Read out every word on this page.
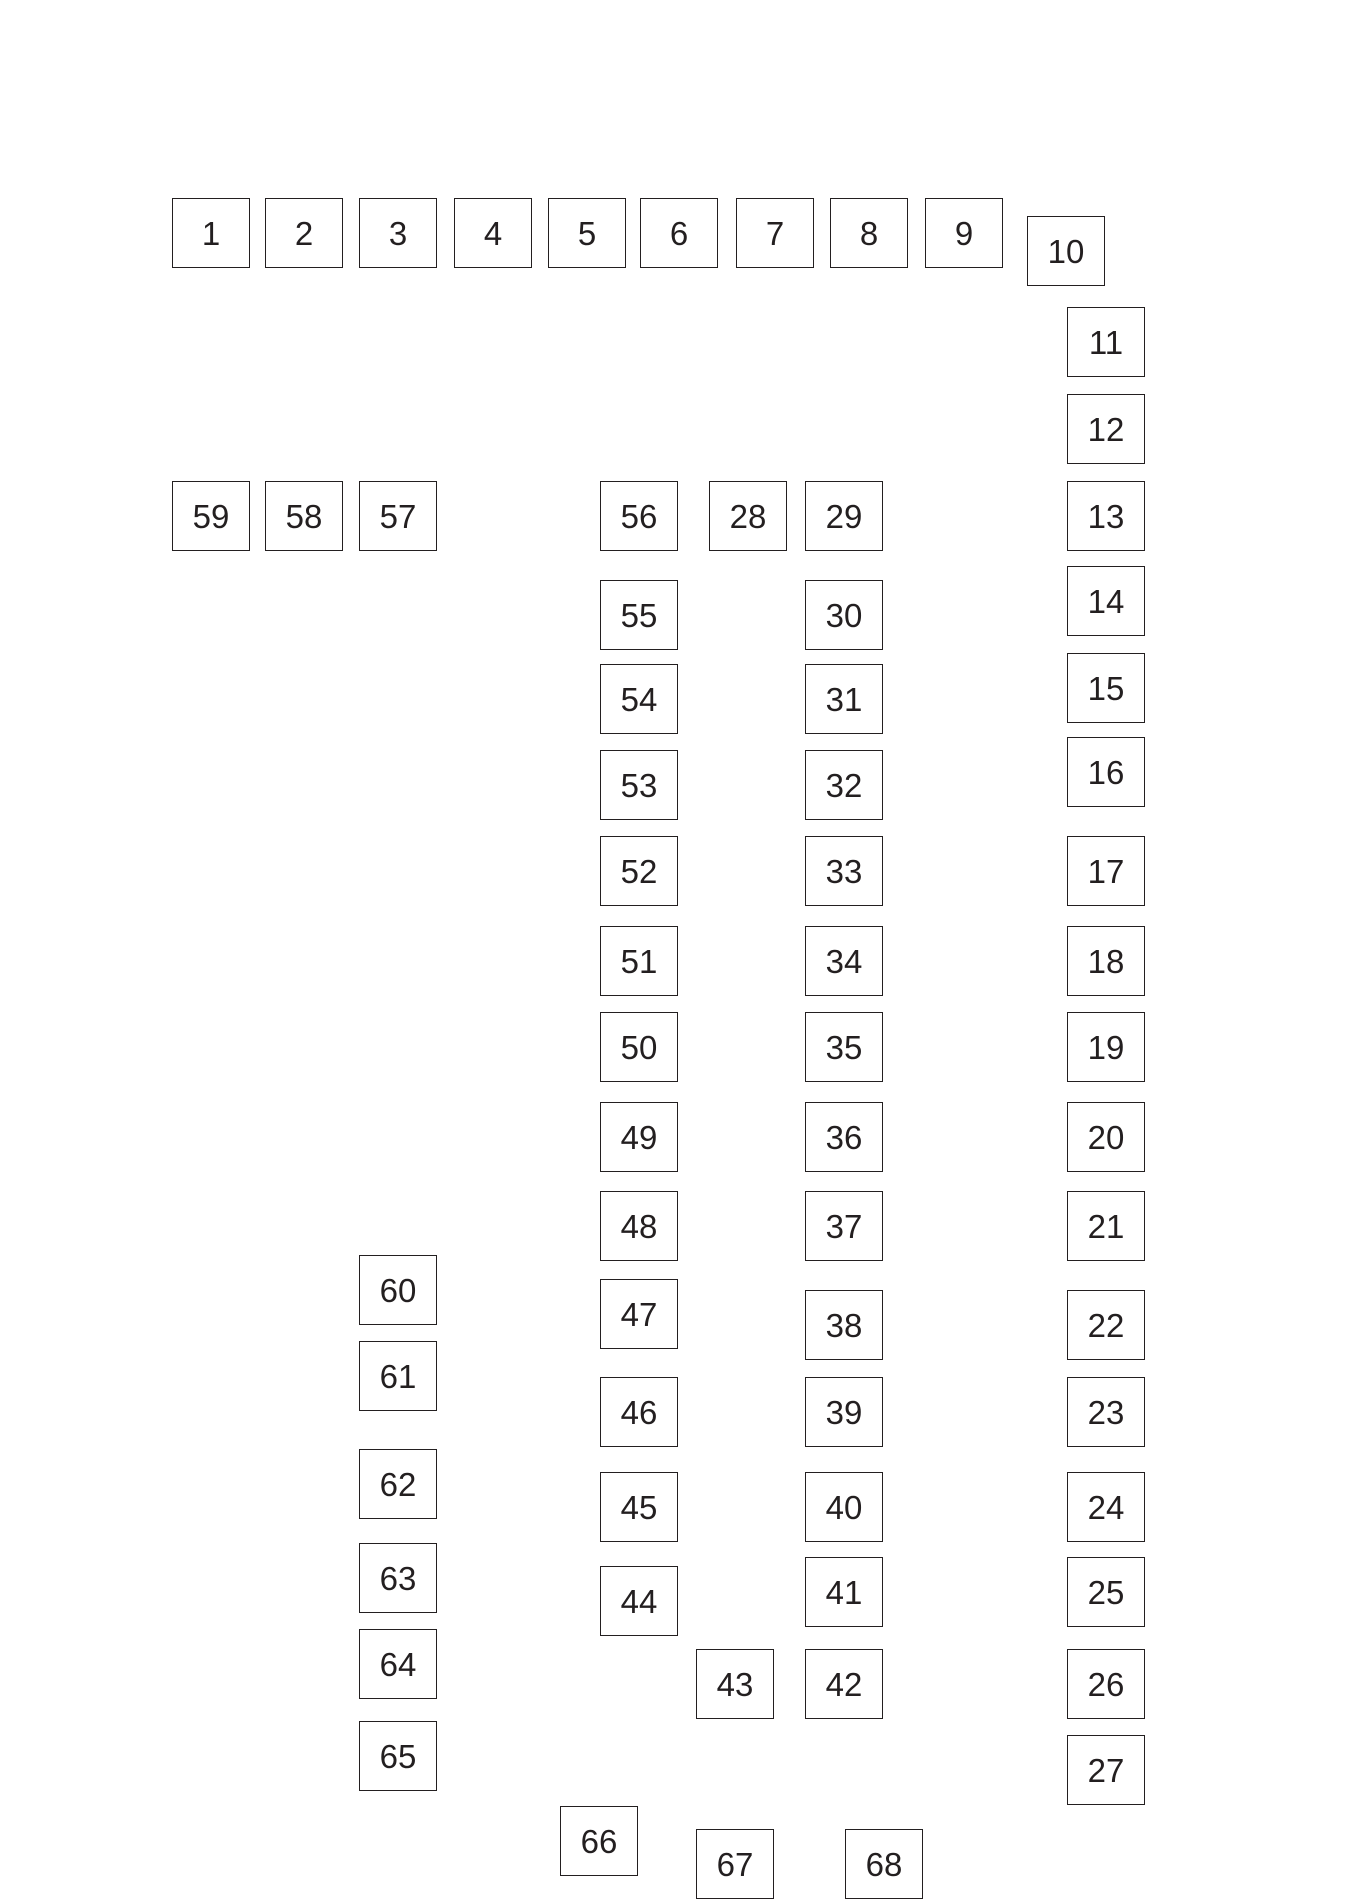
1	2	3	4	5	6	7	8	9	10
11
12
13
14
15
16
17
18
19
20
21
22
23
24
25
26
27
28	29
30
31
32
33
34
35
36
37
38
39
40
41
42
43
44
45
46
47
48
49
50
51
52
53
54
55
56
57
58
59
60
61
62
63
64
65
66
67	68
